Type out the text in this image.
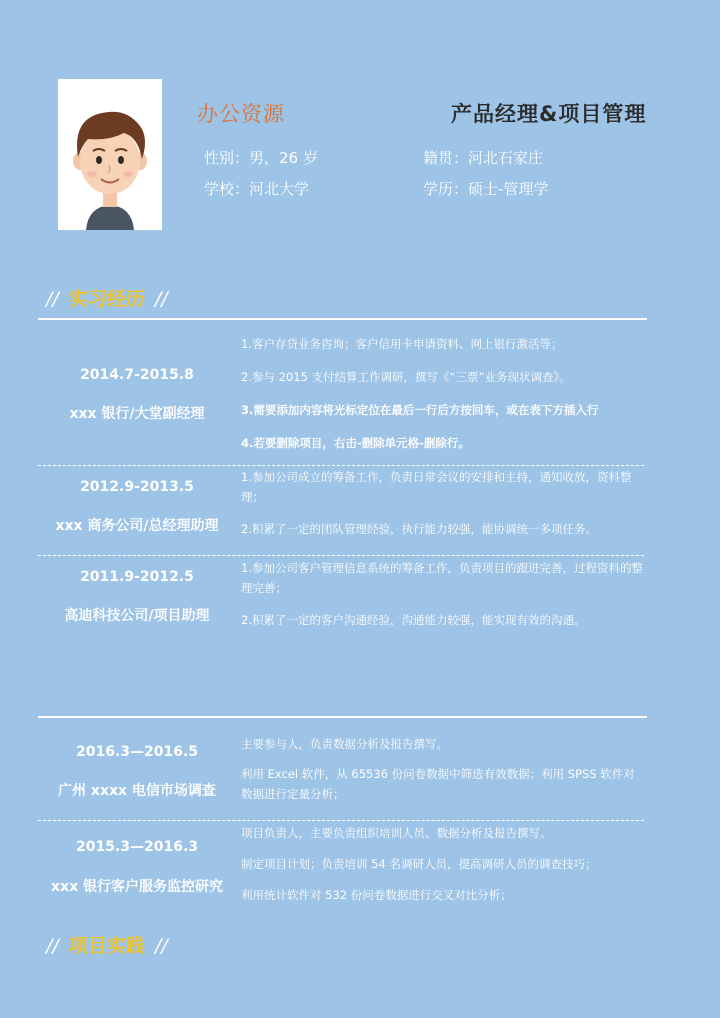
办公资源	产品经理&项目管理
性别：男，26 岁	籍贯：河北石家庄
学校：河北大学	学历：硕士-管理学
// 实习经历 //
2014.7-2015.8
xxx 银行/大堂副经理
1.客户存贷业务咨询；客户信用卡申请资料、网上银行激活等；
2.参与 2015 支付结算工作调研，撰写《“三票”业务现状调查》。
3.需要添加内容将光标定位在最后一行后方按回车，或在表下方插入行
4.若要删除项目，右击-删除单元格-删除行。
2012.9-2013.5
xxx 商务公司/总经理助理
1.参加公司成立的筹备工作，负责日常会议的安排和主持，通知收放，资料整理；
2.积累了一定的团队管理经验，执行能力较强，能协调统一多项任务。
2011.9-2012.5
高迪科技公司/项目助理
1.参加公司客户管理信息系统的筹备工作，负责项目的跟进完善，过程资料的整理完善；
2.积累了一定的客户沟通经验，沟通能力较强，能实现有效的沟通。
2016.3—2016.5
广州 xxxx 电信市场调查
主要参与人，负责数据分析及报告撰写。
利用 Excel 软件，从 65536 份问卷数据中筛选有效数据；利用 SPSS 软件对数据进行定量分析；
2015.3—2016.3
xxx 银行客户服务监控研究
项目负责人，主要负责组织培训人员、数据分析及报告撰写。
制定项目计划；负责培训 54 名调研人员，提高调研人员的调查技巧；
利用统计软件对 532 份问卷数据进行交叉对比分析；
// 项目实践 //
